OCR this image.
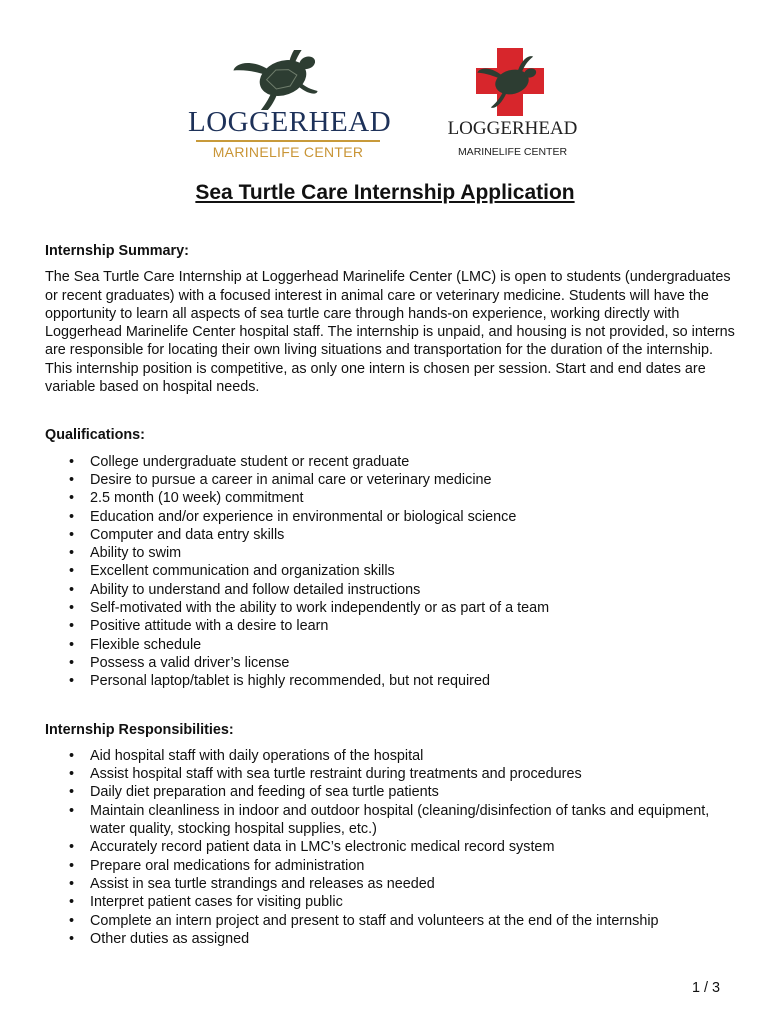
LOGGERHEAD
MARINELIFE CENTER
LOGGERHEAD
MARINELIFE CENTER
Sea Turtle Care Internship Application

Internship Summary:

The Sea Turtle Care Internship at Loggerhead Marinelife Center (LMC) is open to students (undergraduates or recent graduates) with a focused interest in animal care or veterinary medicine. Students will have the opportunity to learn all aspects of sea turtle care through hands-on experience, working directly with Loggerhead Marinelife Center hospital staff. The internship is unpaid, and housing is not provided, so interns are responsible for locating their own living situations and transportation for the duration of the internship. This internship position is competitive, as only one intern is chosen per session. Start and end dates are variable based on hospital needs.

Qualifications:

• College undergraduate student or recent graduate
• Desire to pursue a career in animal care or veterinary medicine
• 2.5 month (10 week) commitment
• Education and/or experience in environmental or biological science
• Computer and data entry skills
• Ability to swim
• Excellent communication and organization skills
• Ability to understand and follow detailed instructions
• Self-motivated with the ability to work independently or as part of a team
• Positive attitude with a desire to learn
• Flexible schedule
• Possess a valid driver’s license
• Personal laptop/tablet is highly recommended, but not required

Internship Responsibilities:

• Aid hospital staff with daily operations of the hospital
• Assist hospital staff with sea turtle restraint during treatments and procedures
• Daily diet preparation and feeding of sea turtle patients
• Maintain cleanliness in indoor and outdoor hospital (cleaning/disinfection of tanks and equipment, water quality, stocking hospital supplies, etc.)
• Accurately record patient data in LMC’s electronic medical record system
• Prepare oral medications for administration
• Assist in sea turtle strandings and releases as needed
• Interpret patient cases for visiting public
• Complete an intern project and present to staff and volunteers at the end of the internship
• Other duties as assigned
1 / 3
